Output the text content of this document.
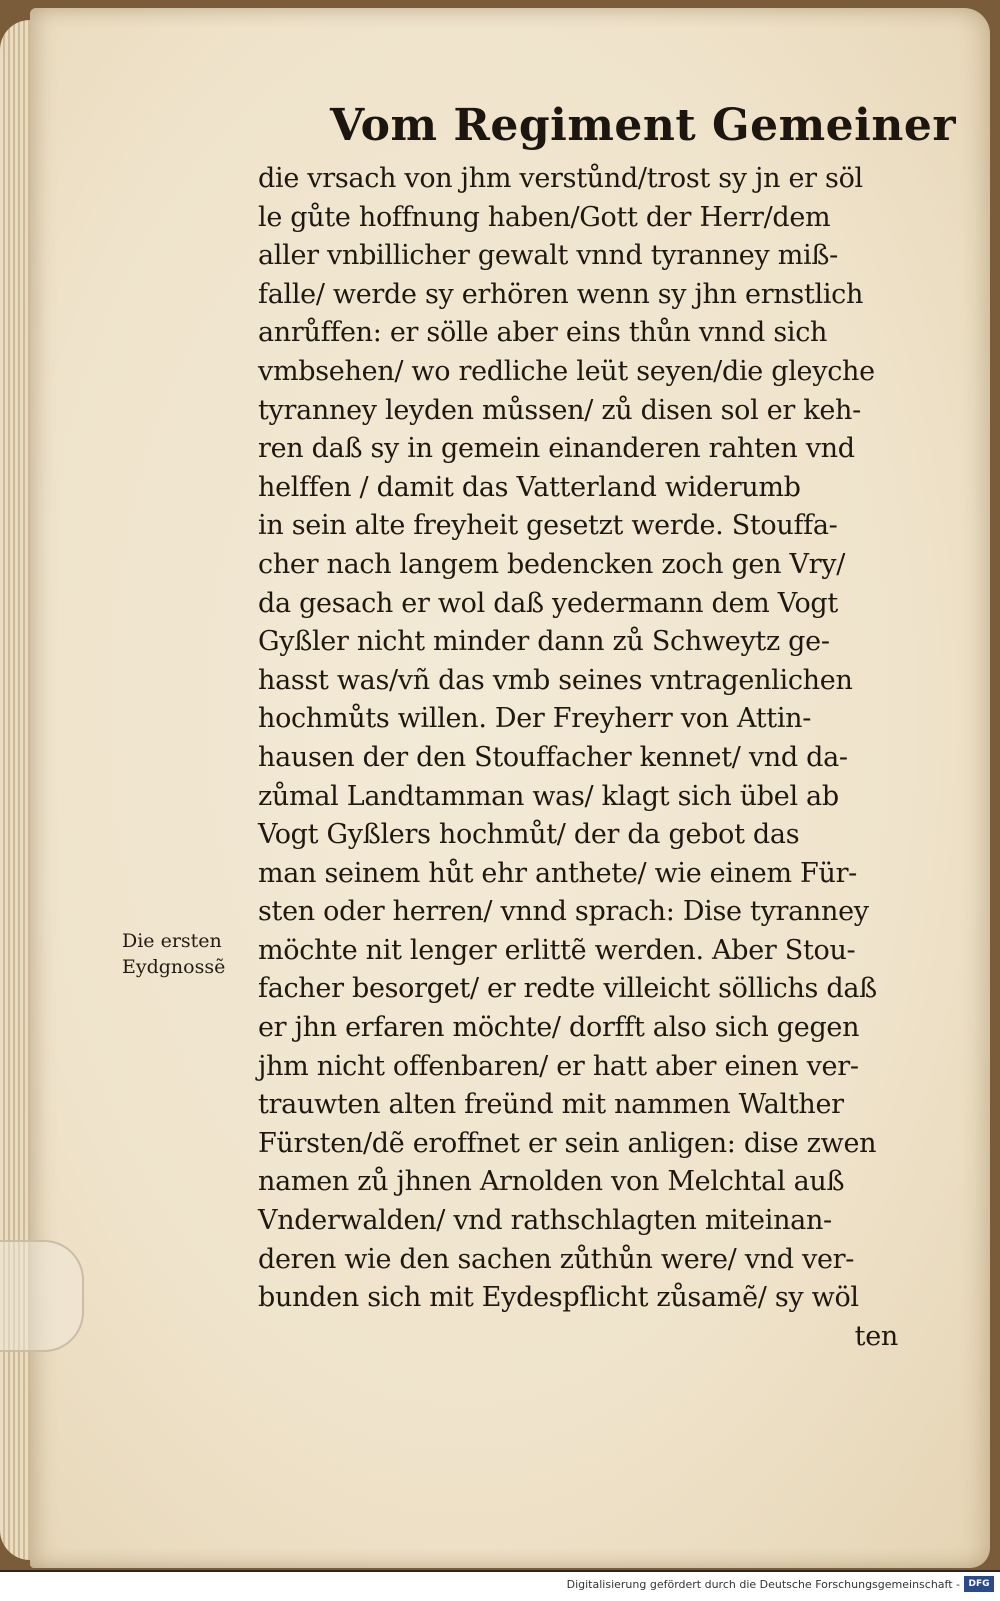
Vom Regiment Gemeiner
die vrsach von jhm verstůnd/trost sy jn er söl
le gůte hoffnung haben/Gott der Herr/dem
aller vnbillicher gewalt vnnd tyranney miß-
falle/ werde sy erhören wenn sy jhn ernstlich
anrůffen: er sölle aber eins thůn vnnd sich
vmbsehen/ wo redliche leüt seyen/die gleyche
tyranney leyden můssen/ zů disen sol er keh-
ren daß sy in gemein einanderen rahten vnd
helffen / damit das Vatterland widerumb
in sein alte freyheit gesetzt werde. Stouffa-
cher nach langem bedencken zoch gen Vry/
da gesach er wol daß yedermann dem Vogt
Gyßler nicht minder dann zů Schweytz ge-
hasst was/vñ das vmb seines vntragenlichen
hochmůts willen. Der Freyherr von Attin-
hausen der den Stouffacher kennet/ vnd da-
zůmal Landtamman was/ klagt sich übel ab
Vogt Gyßlers hochmůt/ der da gebot das
man seinem hůt ehr anthete/ wie einem Für-
sten oder herren/ vnnd sprach: Dise tyranney
möchte nit lenger erlittẽ werden. Aber Stou-
facher besorget/ er redte villeicht söllichs daß
er jhn erfaren möchte/ dorfft also sich gegen
jhm nicht offenbaren/ er hatt aber einen ver-
trauwten alten freünd mit nammen Walther
Fürsten/dẽ eroffnet er sein anligen: dise zwen
namen zů jhnen Arnolden von Melchtal auß
Vnderwalden/ vnd rathschlagten miteinan-
deren wie den sachen zůthůn were/ vnd ver-
bunden sich mit Eydespflicht zůsamẽ/ sy wöl
ten
Die ersten
Eydgnossẽ
Digitalisierung gefördert durch die Deutsche Forschungsgemeinschaft - DFG
